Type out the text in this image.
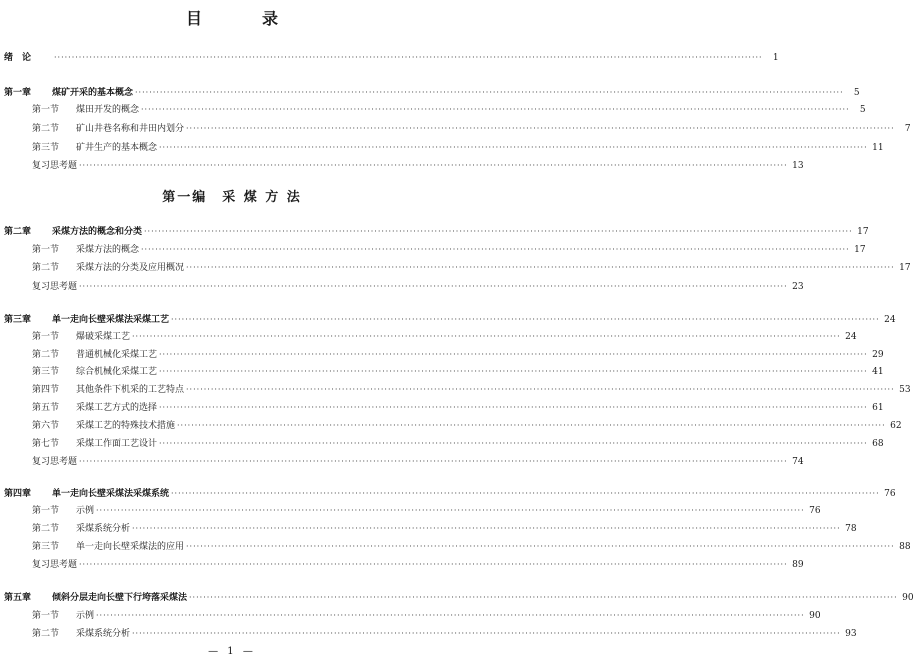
目　录
第一编　采 煤 方 法
绪　论	········································································································································································································	1
第一章 煤矿开采的基本概念 ········································································································································································································	5
第一节 煤田开发的概念 ········································································································································································································	5
第二节 矿山井巷名称和井田内划分 ········································································································································································································	7
第三节 矿井生产的基本概念 ········································································································································································································ 11
复习思考题 ········································································································································································································ 13
第二章 采煤方法的概念和分类 ········································································································································································································ 17
第一节 采煤方法的概念 ········································································································································································································ 17
第二节 采煤方法的分类及应用概况 ········································································································································································································ 17
复习思考题 ········································································································································································································ 23
第三章 单一走向长壁采煤法采煤工艺 ········································································································································································································ 24
第一节 爆破采煤工艺 ········································································································································································································ 24
第二节 普通机械化采煤工艺 ········································································································································································································ 29
第三节 综合机械化采煤工艺 ········································································································································································································ 41
第四节 其他条件下机采的工艺特点 ········································································································································································································ 53
第五节 采煤工艺方式的选择 ········································································································································································································ 61
第六节 采煤工艺的特殊技术措施 ········································································································································································································ 62
第七节 采煤工作面工艺设计 ········································································································································································································ 68
复习思考题 ········································································································································································································ 74
第四章 单一走向长壁采煤法采煤系统 ········································································································································································································ 76
第一节 示例 ········································································································································································································ 76
第二节 采煤系统分析 ········································································································································································································ 78
第三节 单一走向长壁采煤法的应用 ········································································································································································································ 88
复习思考题 ········································································································································································································ 89
第五章 倾斜分层走向长壁下行垮落采煤法 ········································································································································································································ 90
第一节 示例 ········································································································································································································ 90
第二节 采煤系统分析 ········································································································································································································ 93
— 1 —
